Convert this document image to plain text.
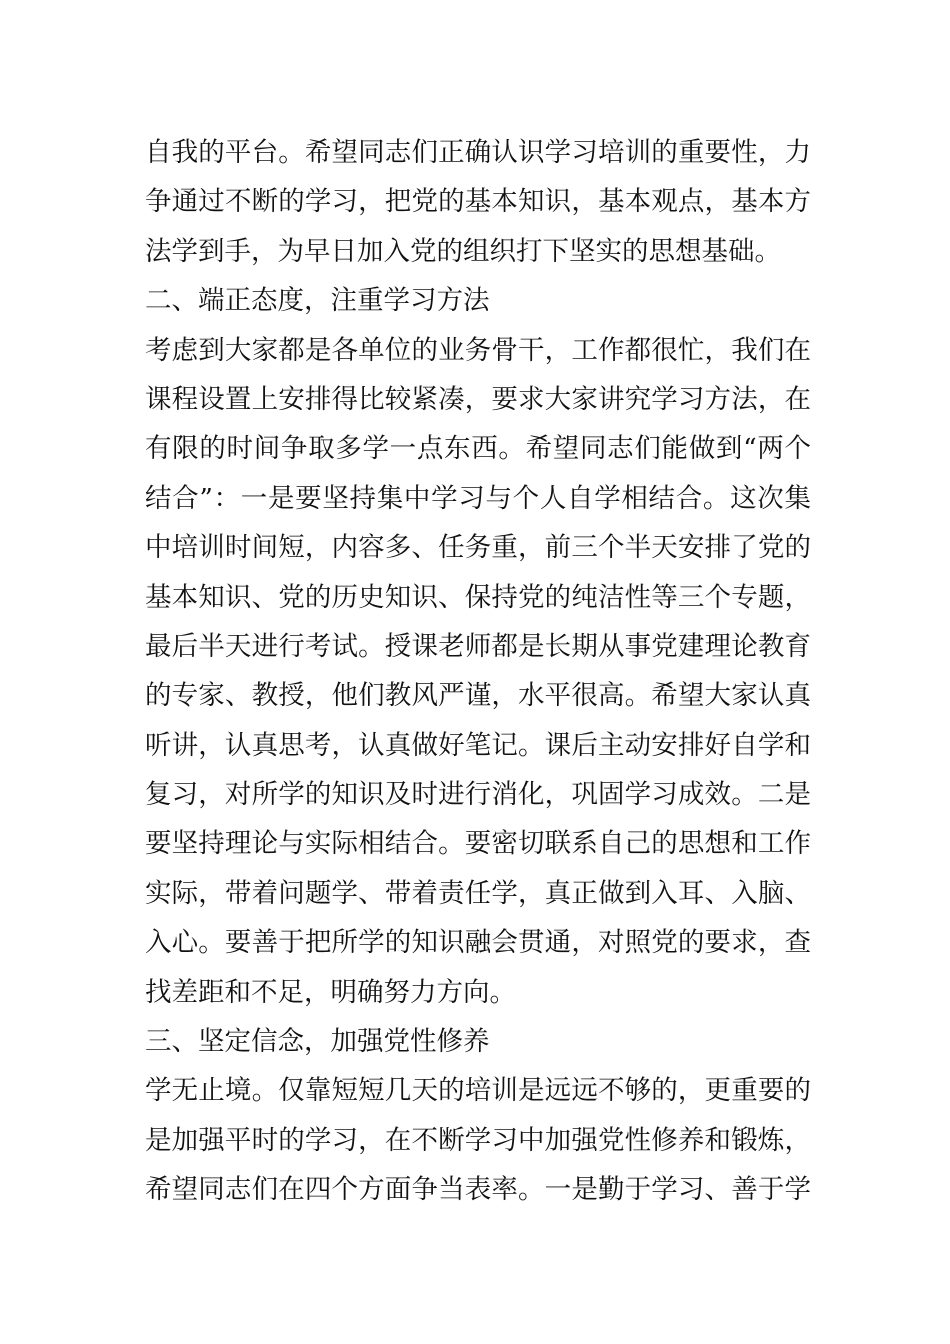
自我的平台。希望同志们正确认识学习培训的重要性，力
争通过不断的学习，把党的基本知识，基本观点，基本方
法学到手，为早日加入党的组织打下坚实的思想基础。
二、端正态度，注重学习方法
考虑到大家都是各单位的业务骨干，工作都很忙，我们在
课程设置上安排得比较紧凑，要求大家讲究学习方法，在
有限的时间争取多学一点东西。希望同志们能做到“两个
结合”：一是要坚持集中学习与个人自学相结合。这次集
中培训时间短，内容多、任务重，前三个半天安排了党的
基本知识、党的历史知识、保持党的纯洁性等三个专题，
最后半天进行考试。授课老师都是长期从事党建理论教育
的专家、教授，他们教风严谨，水平很高。希望大家认真
听讲，认真思考，认真做好笔记。课后主动安排好自学和
复习，对所学的知识及时进行消化，巩固学习成效。二是
要坚持理论与实际相结合。要密切联系自己的思想和工作
实际，带着问题学、带着责任学，真正做到入耳、入脑、
入心。要善于把所学的知识融会贯通，对照党的要求，查
找差距和不足，明确努力方向。
三、坚定信念，加强党性修养
学无止境。仅靠短短几天的培训是远远不够的，更重要的
是加强平时的学习，在不断学习中加强党性修养和锻炼，
希望同志们在四个方面争当表率。一是勤于学习、善于学
